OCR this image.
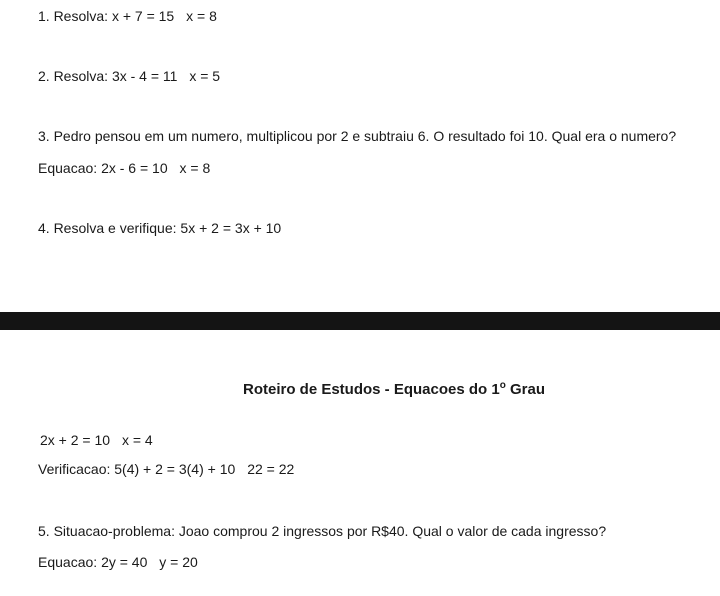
1. Resolva: x + 7 = 15 x = 8
2. Resolva: 3x - 4 = 11 x = 5
3. Pedro pensou em um numero, multiplicou por 2 e subtraiu 6. O resultado foi 10. Qual era o numero?
Equacao: 2x - 6 = 10 x = 8
4. Resolva e verifique: 5x + 2 = 3x + 10
Roteiro de Estudos - Equacoes do 1$^o$ Grau
2x + 2 = 10 x = 4
Verificacao: 5(4) + 2 = 3(4) + 10 22 = 22
5. Situacao-problema: Joao comprou 2 ingressos por R$40. Qual o valor de cada ingresso?
Equacao: 2y = 40 y = 20
